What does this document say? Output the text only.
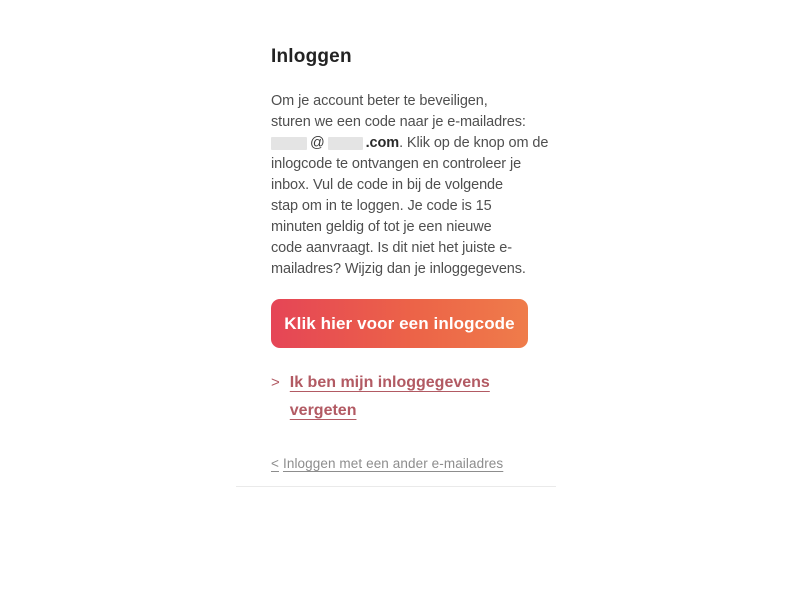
Inloggen
Om je account beter te beveiligen,
sturen we een code naar je e-mailadres:
@	.com . Klik op de knop om de
inlogcode te ontvangen en controleer je
inbox. Vul de code in bij de volgende
stap om in te loggen. Je code is 15
minuten geldig of tot je een nieuwe
code aanvraagt. Is dit niet het juiste e-
mailadres? Wijzig dan je inloggegevens.
Klik hier voor een inlogcode
> Ik ben mijn inloggegevens vergeten
< Inloggen met een ander e-mailadres
